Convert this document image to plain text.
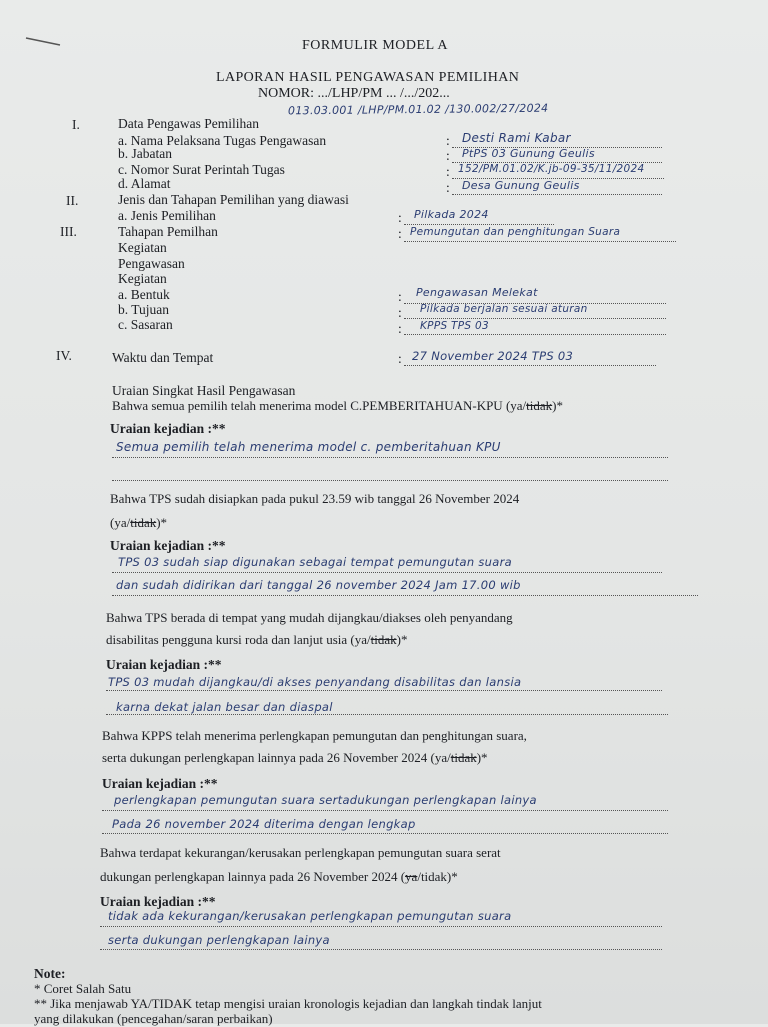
FORMULIR MODEL A
LAPORAN HASIL PENGAWASAN PEMILIHAN
NOMOR: .../LHP/PM ... /.../202...
013.03.001 /LHP/PM.01.02 /130.002/27/2024
I.	Data Pengawas Pemilihan
a. Nama Pelaksana Tugas Pengawasan	: Desti Rami Kabar
b. Jabatan	: PtPS 03 Gunung Geulis
c. Nomor Surat Perintah Tugas	: 152/PM.01.02/K.jb-09-35/11/2024
d. Alamat	: Desa Gunung Geulis
II.	Jenis dan Tahapan Pemilihan yang diawasi
a. Jenis Pemilihan	: Pilkada 2024
III.	Tahapan Pemilhan	: Pemungutan dan penghitungan Suara
Kegiatan
Pengawasan
Kegiatan
a. Bentuk	: Pengawasan Melekat
b. Tujuan	: Pilkada berjalan sesuai aturan
c. Sasaran	: KPPS TPS 03
IV.	Waktu dan Tempat	: 27 November 2024 TPS 03
Uraian Singkat Hasil Pengawasan
Bahwa semua pemilih telah menerima model C.PEMBERITAHUAN-KPU (ya/tidak)*
Uraian kejadian :**
Semua pemilih telah menerima model c. pemberitahuan KPU
Bahwa TPS sudah disiapkan pada pukul 23.59 wib tanggal 26 November 2024
(ya/tidak)*
Uraian kejadian :**
TPS 03 sudah siap digunakan sebagai tempat pemungutan suara
dan sudah didirikan dari tanggal 26 november 2024 Jam 17.00 wib
Bahwa TPS berada di tempat yang mudah dijangkau/diakses oleh penyandang
disabilitas pengguna kursi roda dan lanjut usia (ya/tidak)*
Uraian kejadian :**
TPS 03 mudah dijangkau/di akses penyandang disabilitas dan lansia
karna dekat jalan besar dan diaspal
Bahwa KPPS telah menerima perlengkapan pemungutan dan penghitungan suara,
serta dukungan perlengkapan lainnya pada 26 November 2024 (ya/tidak)*
Uraian kejadian :**
perlengkapan pemungutan suara sertadukungan perlengkapan lainya
Pada 26 november 2024 diterima dengan lengkap
Bahwa terdapat kekurangan/kerusakan perlengkapan pemungutan suara serat
dukungan perlengkapan lainnya pada 26 November 2024 (ya/tidak)*
Uraian kejadian :**
tidak ada kekurangan/kerusakan perlengkapan pemungutan suara
serta dukungan perlengkapan lainya
Note:
* Coret Salah Satu
** Jika menjawab YA/TIDAK tetap mengisi uraian kronologis kejadian dan langkah tindak lanjut
yang dilakukan (pencegahan/saran perbaikan)
